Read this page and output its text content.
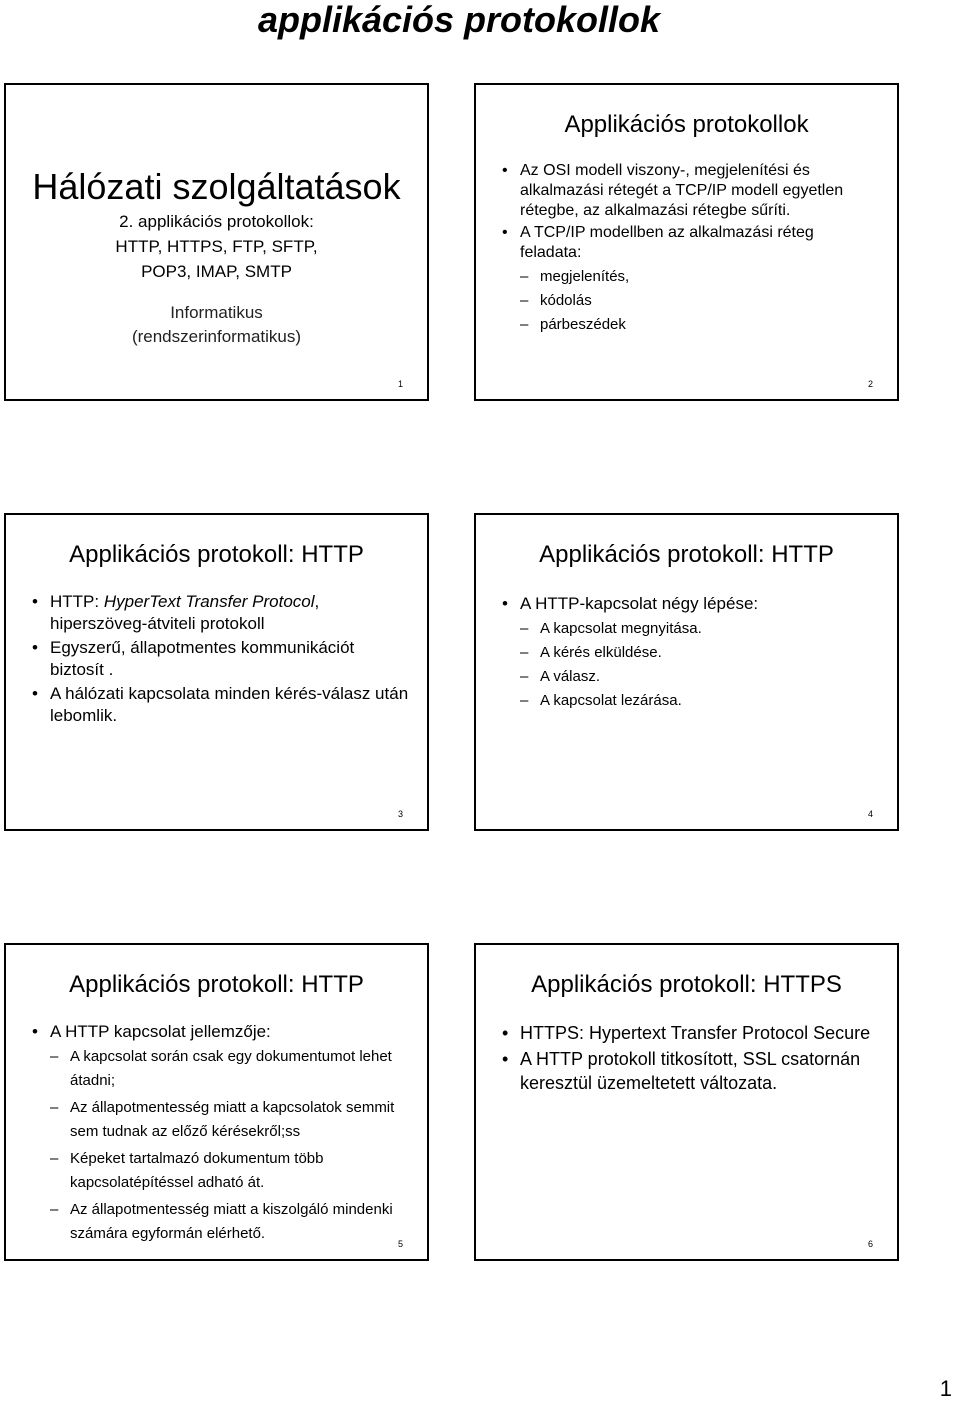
applikációs protokollok
Hálózati szolgáltatások
2. applikációs protokollok:
HTTP, HTTPS, FTP, SFTP,
POP3, IMAP, SMTP
Informatikus
(rendszerinformatikus)
1
Applikációs protokollok
• Az OSI modell viszony-, megjelenítési és alkalmazási rétegét a TCP/IP modell egyetlen rétegbe, az alkalmazási rétegbe sűríti.
• A TCP/IP modellben az alkalmazási réteg feladata:
– megjelenítés,
– kódolás
– párbeszédek
2
Applikációs protokoll: HTTP
• HTTP: HyperText Transfer Protocol, hiperszöveg-átviteli protokoll
• Egyszerű, állapotmentes kommunikációt biztosít .
• A hálózati kapcsolata minden kérés-válasz után lebomlik.
3
Applikációs protokoll: HTTP
• A HTTP-kapcsolat négy lépése:
– A kapcsolat megnyitása.
– A kérés elküldése.
– A válasz.
– A kapcsolat lezárása.
4
Applikációs protokoll: HTTP
• A HTTP kapcsolat jellemzője:
– A kapcsolat során csak egy dokumentumot lehet átadni;
– Az állapotmentesség miatt a kapcsolatok semmit sem tudnak az előző kérésekről;ss
– Képeket tartalmazó dokumentum több kapcsolatépítéssel adható át.
– Az állapotmentesség miatt a kiszolgáló mindenki számára egyformán elérhető.
5
Applikációs protokoll: HTTPS
• HTTPS: Hypertext Transfer Protocol Secure
• A HTTP protokoll titkosított, SSL csatornán keresztül üzemeltetett változata.
6
1
